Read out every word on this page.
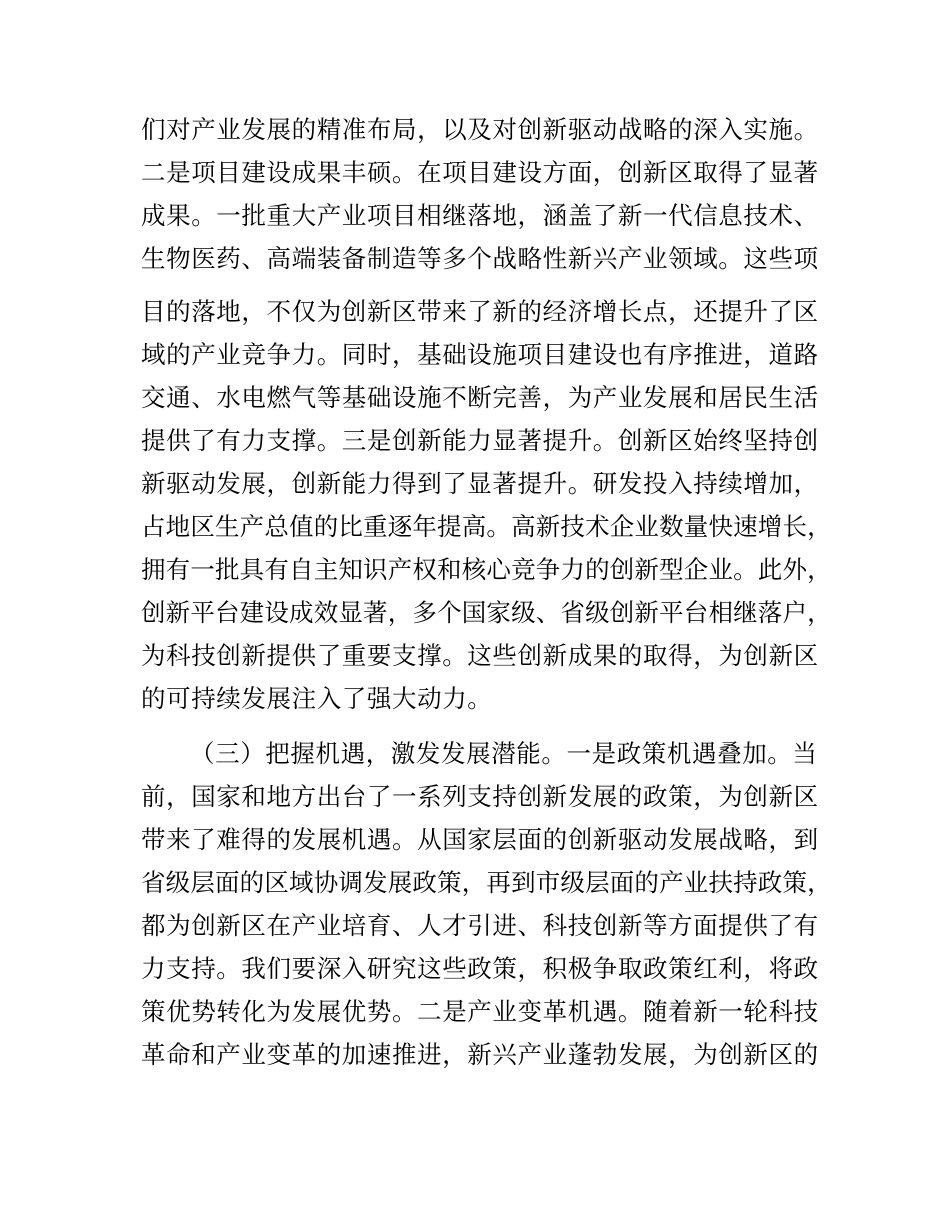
们对产业发展的精准布局，以及对创新驱动战略的深入实施。
二是项目建设成果丰硕。在项目建设方面，创新区取得了显著
成果。一批重大产业项目相继落地，涵盖了新一代信息技术、
生物医药、高端装备制造等多个战略性新兴产业领域。这些项
目的落地，不仅为创新区带来了新的经济增长点，还提升了区
域的产业竞争力。同时，基础设施项目建设也有序推进，道路
交通、水电燃气等基础设施不断完善，为产业发展和居民生活
提供了有力支撑。三是创新能力显著提升。创新区始终坚持创
新驱动发展，创新能力得到了显著提升。研发投入持续增加，
占地区生产总值的比重逐年提高。高新技术企业数量快速增长，
拥有一批具有自主知识产权和核心竞争力的创新型企业。此外，
创新平台建设成效显著，多个国家级、省级创新平台相继落户，
为科技创新提供了重要支撑。这些创新成果的取得，为创新区
的可持续发展注入了强大动力。
（三）把握机遇，激发发展潜能。一是政策机遇叠加。当
前，国家和地方出台了一系列支持创新发展的政策，为创新区
带来了难得的发展机遇。从国家层面的创新驱动发展战略，到
省级层面的区域协调发展政策，再到市级层面的产业扶持政策，
都为创新区在产业培育、人才引进、科技创新等方面提供了有
力支持。我们要深入研究这些政策，积极争取政策红利，将政
策优势转化为发展优势。二是产业变革机遇。随着新一轮科技
革命和产业变革的加速推进，新兴产业蓬勃发展，为创新区的
